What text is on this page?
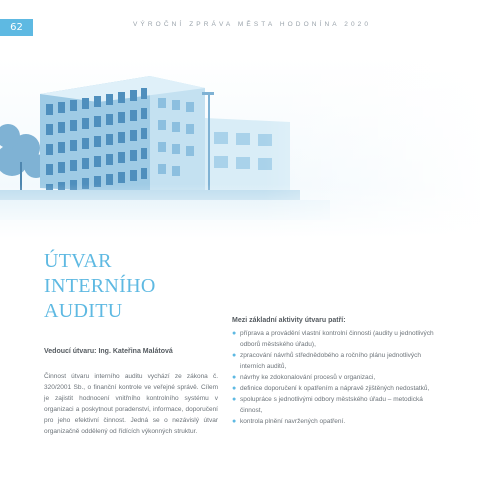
62	VÝROČNÍ ZPRÁVA MĚSTA HODONÍNA 2020
ÚTVAR
INTERNÍHO
AUDITU

Vedoucí útvaru: Ing. Kateřina Malátová

Činnost útvaru interního auditu vychází ze zákona č. 320/2001 Sb., o finanční kontrole ve veřejné správě. Cílem je zajistit hodnocení vnitřního kontrolního systému v organizaci a poskytnout poradenství, informace, doporučení pro jeho efektivní činnost. Jedná se o nezávislý útvar organizačně oddělený od řídících výkonných struktur.

Mezi základní aktivity útvaru patří:

● příprava a provádění vlastní kontrolní činnosti (audity u jednotlivých odborů městského úřadu),
● zpracování návrhů střednědobého a ročního plánu jednotlivých interních auditů,
● návrhy ke zdokonalování procesů v organizaci,
● definice doporučení k opatřením a nápravě zjištěných nedostatků,
● spolupráce s jednotlivými odbory městského úřadu – metodická činnost,
● kontrola plnění navržených opatření.
